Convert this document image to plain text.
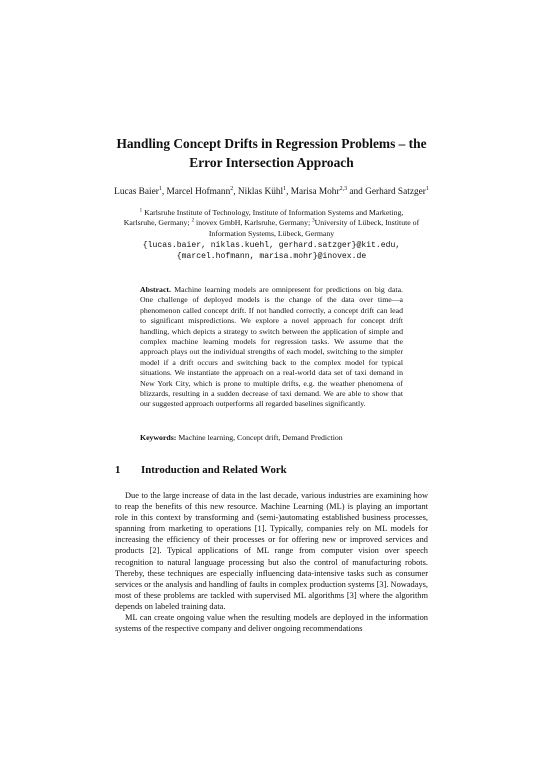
Handling Concept Drifts in Regression Problems – the
Error Intersection Approach
Lucas Baier$^1$, Marcel Hofmann$^2$, Niklas Kühl$^1$, Marisa Mohr$^{2,3}$ and Gerhard Satzger$^1$
$^1$ Karlsruhe Institute of Technology, Institute of Information Systems and Marketing,
Karlsruhe, Germany; $^2$ inovex GmbH, Karlsruhe, Germany; $^3$University of Lübeck, Institute of
Information Systems, Lübeck, Germany
{lucas.baier, niklas.kuehl, gerhard.satzger}@kit.edu,
{marcel.hofmann, marisa.mohr}@inovex.de
Abstract. Machine learning models are omnipresent for predictions on big data. One challenge of deployed models is the change of the data over time—a phenomenon called concept drift. If not handled correctly, a concept drift can lead to significant mispredictions. We explore a novel approach for concept drift handling, which depicts a strategy to switch between the application of simple and complex machine learning models for regression tasks. We assume that the approach plays out the individual strengths of each model, switching to the simpler model if a drift occurs and switching back to the complex model for typical situations. We instantiate the approach on a real-world data set of taxi demand in New York City, which is prone to multiple drifts, e.g. the weather phenomena of blizzards, resulting in a sudden decrease of taxi demand. We are able to show that our suggested approach outperforms all regarded baselines significantly.
Keywords: Machine learning, Concept drift, Demand Prediction
1 Introduction and Related Work

Due to the large increase of data in the last decade, various industries are examining how to reap the benefits of this new resource. Machine Learning (ML) is playing an important role in this context by transforming and (semi-)automating established business processes, spanning from marketing to operations [1]. Typically, companies rely on ML models for increasing the efficiency of their processes or for offering new or improved services and products [2]. Typical applications of ML range from computer vision over speech recognition to natural language processing but also the control of manufacturing robots. Thereby, these techniques are especially influencing data-intensive tasks such as consumer services or the analysis and handling of faults in complex production systems [3]. Nowadays, most of these problems are tackled with supervised ML algorithms [3] where the algorithm depends on labeled training data.

ML can create ongoing value when the resulting models are deployed in the information systems of the respective company and deliver ongoing recommendations
